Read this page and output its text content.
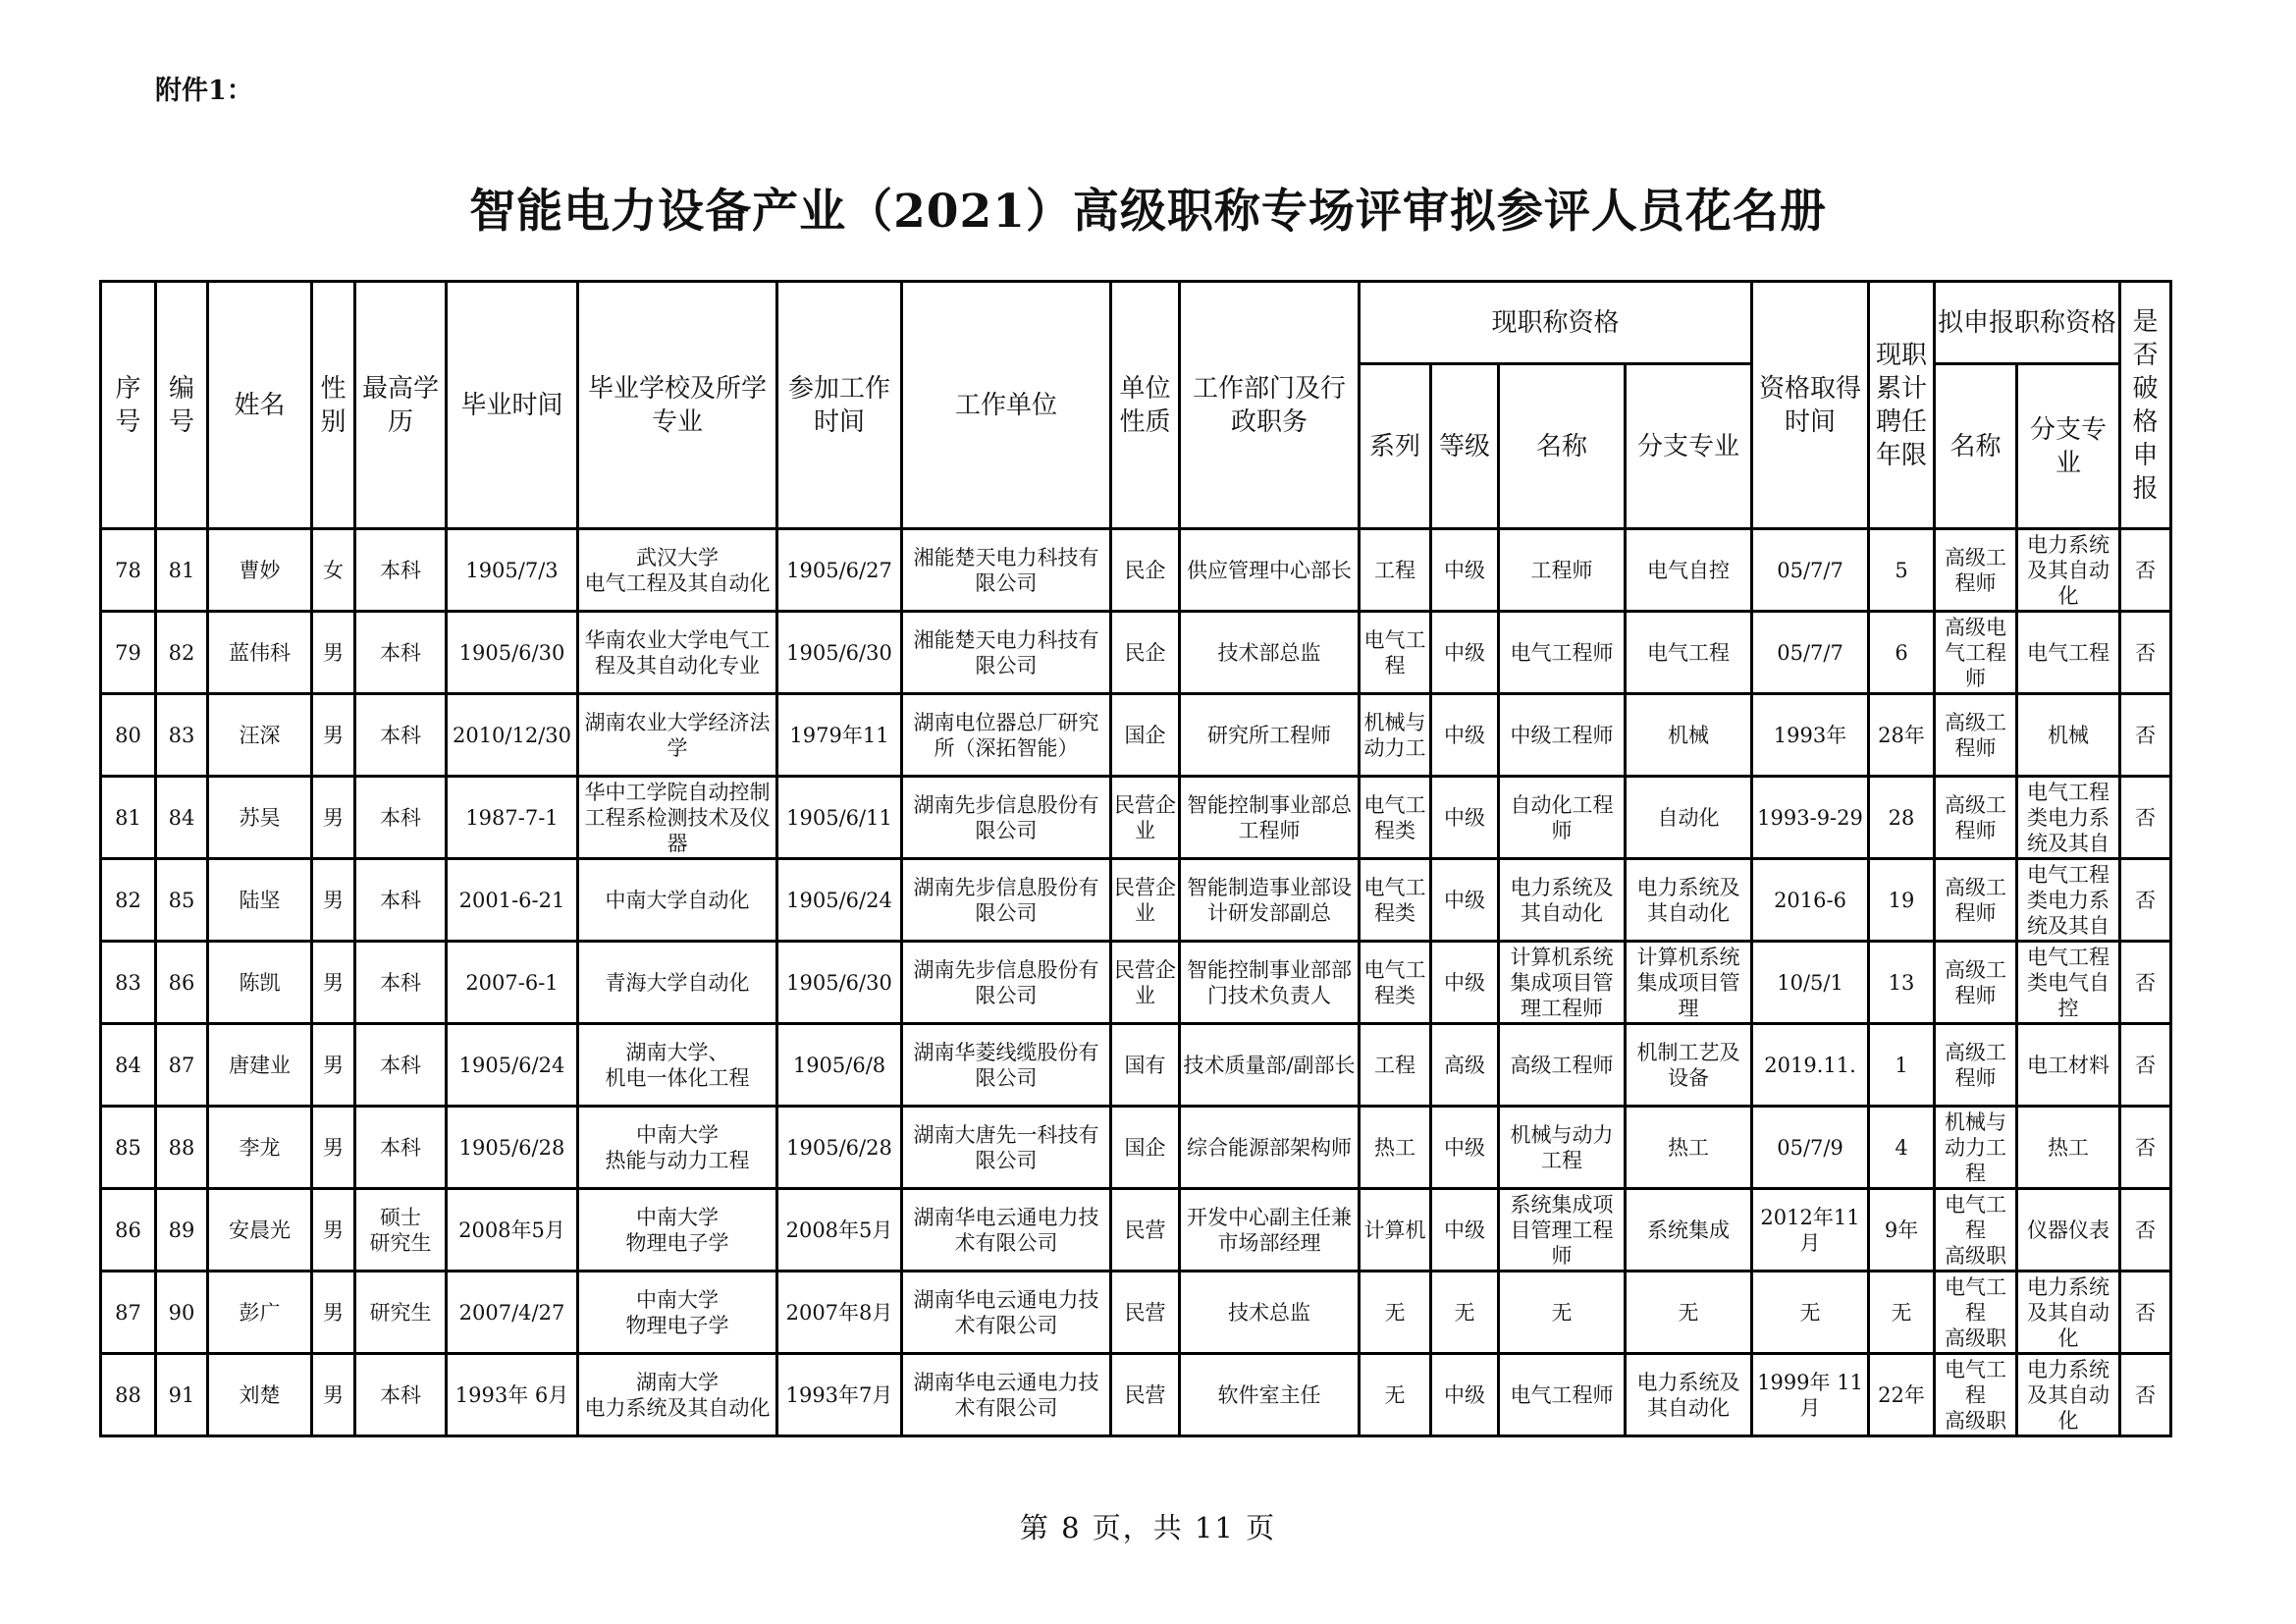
附件1：
智能电力设备产业（2021）高级职称专场评审拟参评人员花名册
序号	编号	姓名	性别	最高学历	毕业时间	毕业学校及所学专业	参加工作时间	工作单位	单位性质	工作部门及行政职务	现职称资格				资格取得时间	现职累计聘任年限	拟申报职称资格		是否破格申报
											系列	等级	名称	分支专业			名称	分支专业	

78	81	曹妙	女	本科	1905/7/3	武汉大学
电气工程及其自动化	1905/6/27	湘能楚天电力科技有限公司	民企	供应管理中心部长	工程	中级	工程师	电气自控	05/7/7	5	高级工程师	电力系统及其自动化	否

79	82	蓝伟科	男	本科	1905/6/30	华南农业大学电气工程及其自动化专业	1905/6/30	湘能楚天电力科技有限公司	民企	技术部总监	电气工程	中级	电气工程师	电气工程	05/7/7	6	高级电气工程师	电气工程	否

80	83	汪深	男	本科	2010/12/30	湖南农业大学经济法学	1979年11	湖南电位器总厂研究所（深拓智能）	国企	研究所工程师	机械与动力工	中级	中级工程师	机械	1993年	28年	高级工程师	机械	否

81	84	苏昊	男	本科	1987-7-1	华中工学院自动控制工程系检测技术及仪器	1905/6/11	湖南先步信息股份有限公司	民营企业	智能控制事业部总工程师	电气工程类	中级	自动化工程师	自动化	1993-9-29	28	高级工程师	电气工程类电力系统及其自	否

82	85	陆坚	男	本科	2001-6-21	中南大学自动化	1905/6/24	湖南先步信息股份有限公司	民营企业	智能制造事业部设计研发部副总	电气工程类	中级	电力系统及其自动化	电力系统及其自动化	2016-6	19	高级工程师	电气工程类电力系统及其自	否

83	86	陈凯	男	本科	2007-6-1	青海大学自动化	1905/6/30	湖南先步信息股份有限公司	民营企业	智能控制事业部部门技术负责人	电气工程类	中级	计算机系统集成项目管理工程师	计算机系统集成项目管理	10/5/1	13	高级工程师	电气工程类电气自控	否

84	87	唐建业	男	本科	1905/6/24	湖南大学、
机电一体化工程	1905/6/8	湖南华菱线缆股份有限公司	国有	技术质量部/副部长	工程	高级	高级工程师	机制工艺及设备	2019.11.	1	高级工程师	电工材料	否

85	88	李龙	男	本科	1905/6/28	中南大学
热能与动力工程	1905/6/28	湖南大唐先一科技有限公司	国企	综合能源部架构师	热工	中级	机械与动力工程	热工	05/7/9	4	机械与动力工程	热工	否

86	89	安晨光	男	硕士
研究生	2008年5月	中南大学
物理电子学	2008年5月	湖南华电云通电力技术有限公司	民营	开发中心副主任兼市场部经理	计算机	中级	系统集成项目管理工程师	系统集成	2012年11月	9年	电气工程
高级职	仪器仪表	否

87	90	彭广	男	研究生	2007/4/27	中南大学
物理电子学	2007年8月	湖南华电云通电力技术有限公司	民营	技术总监	无	无	无	无	无	无	电气工程
高级职	电力系统及其自动化	否

88	91	刘楚	男	本科	1993年 6月	湖南大学
电力系统及其自动化	1993年7月	湖南华电云通电力技术有限公司	民营	软件室主任	无	中级	电气工程师	电力系统及其自动化	1999年 11月	22年	电气工程
高级职	电力系统及其自动化	否
第 8 页，共 11 页
